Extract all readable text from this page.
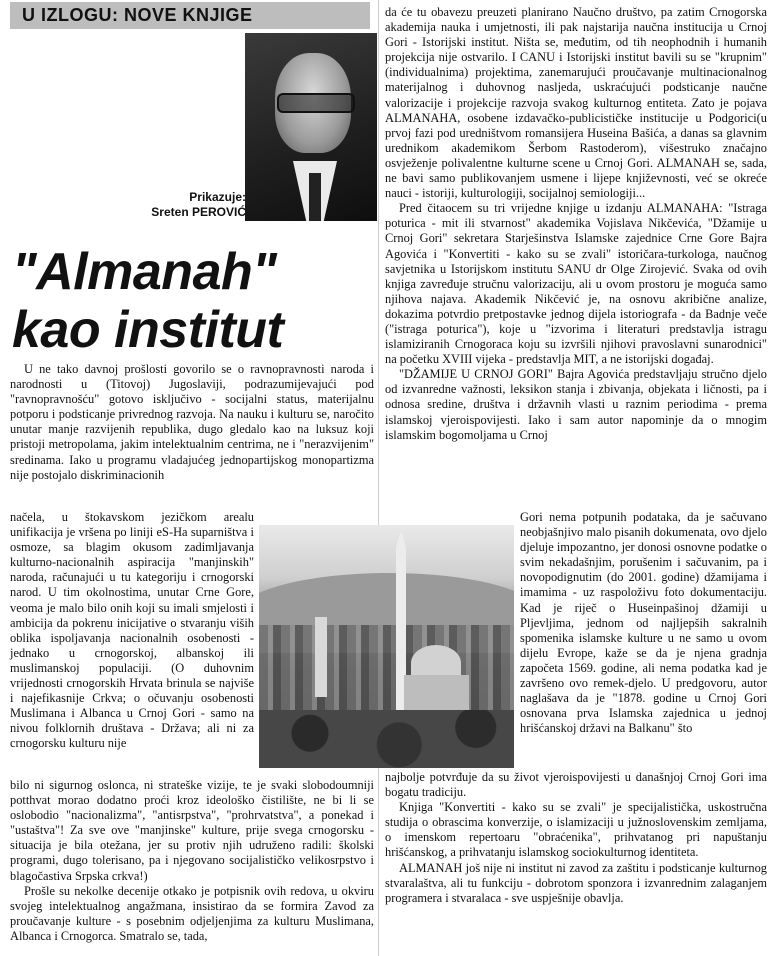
U IZLOGU: NOVE KNJIGE
Prikazuje:
Sreten PEROVIĆ
"Almanah"
kao institut

U ne tako davnoj prošlosti govorilo se o ravnopravnosti naroda i narodnosti u (Titovoj) Jugoslaviji, podrazumijevajući pod "ravnopravnošću" gotovo isključivo - socijalni status, materijalnu potporu i podsticanje privrednog razvoja. Na nauku i kulturu se, naročito unutar manje razvijenih republika, dugo gledalo kao na luksuz koji pristoji metropolama, jakim intelektualnim centrima, ne i "nerazvijenim" sredinama. Iako u programu vladajućeg jednopartijskog monopartizma nije postojalo diskriminacionih

načela, u štokavskom jezičkom arealu unifikacija je vršena po liniji eS-Ha suparništva i osmoze, sa blagim okusom zadimljavanja kulturno-nacionalnih aspiracija "manjinskih" naroda, računajući u tu kategoriju i crnogorski narod. U tim okolnostima, unutar Crne Gore, veoma je malo bilo onih koji su imali smjelosti i ambicija da pokrenu inicijative o stvaranju viših oblika ispoljavanja nacionalnih osobenosti - jednako u crnogorskoj, albanskoj ili muslimanskoj populaciji. (O duhovnim vrijednosti crnogorskih Hrvata brinula se najviše i najefikasnije Crkva; o očuvanju osobenosti Muslimana i Albanca u Crnoj Gori - samo na nivou folklornih društava - Država; ali ni za crnogorsku kulturu nije

bilo ni sigurnog oslonca, ni strateške vizije, te je svaki slobodoumniji potthvat morao dodatno proći kroz ideološko čistilište, ne bi li se oslobodio "nacionalizma", "antisrpstva", "prohrvatstva", a ponekad i "ustaštva"! Za sve ove "manjinske" kulture, prije svega crnogorsku - situacija je bila otežana, jer su protiv njih udruženo radili: školski programi, dugo tolerisano, pa i njegovano socijalističko velikosrpstvo i blagočastiva Srpska crkva!)

Prošle su nekolke decenije otkako je potpisnik ovih redova, u okviru svojeg intelektualnog angažmana, insistirao da se formira Zavod za proučavanje kulture - s posebnim odjeljenjima za kulturu Muslimana, Albanca i Crnogorca. Smatralo se, tada,

da će tu obavezu preuzeti planirano Naučno društvo, pa zatim Crnogorska akademija nauka i umjetnosti, ili pak najstarija naučna institucija u Crnoj Gori - Istorijski institut. Ništa se, međutim, od tih neophodnih i humanih projekcija nije ostvarilo. I CANU i Istorijski institut bavili su se "krupnim" (individualnima) projektima, zanemarujući proučavanje multinacionalnog materijalnog i duhovnog nasljeda, uskraćujući podsticanje naučne valorizacije i projekcije razvoja svakog kulturnog entiteta. Zato je pojava ALMANAHA, osobene izdavačko-publicističke institucije u Podgorici(u prvoj fazi pod uredništvom romansijera Huseina Bašića, a danas sa glavnim urednikom akademikom Šerbom Rastoderom), višestruko značajno osvježenje polivalentne kulturne scene u Crnoj Gori. ALMANAH se, sada, ne bavi samo publikovanjem usmene i lijepe književnosti, već se okreće nauci - istoriji, kulturologiji, socijalnoj semiologiji...

Pred čitaocem su tri vrijedne knjige u izdanju ALMANAHA: "Istraga poturica - mit ili stvarnost" akademika Vojislava Nikčevića, "Džamije u Crnoj Gori" sekretara Starješinstva Islamske zajednice Crne Gore Bajra Agovića i "Konvertiti - kako su se zvali" istoričara-turkologa, naučnog savjetnika u Istorijskom institutu SANU dr Olge Zirojević. Svaka od ovih knjiga zavređuje stručnu valorizaciju, ali u ovom prostoru je moguća samo njihova najava. Akademik Nikčević je, na osnovu akribične analize, dokazima potvrdio pretpostavke jednog dijela istoriografa - da Badnje veče ("istraga poturica"), koje u "izvorima i literaturi predstavlja istragu islamiziranih Crnogoraca koju su izvršili njihovi pravoslavni sunarodnici" na početku XVIII vijeka - predstavlja MIT, a ne istorijski događaj.

"DŽAMIJE U CRNOJ GORI" Bajra Agovića predstavljaju stručno djelo od izvanredne važnosti, leksikon stanja i zbivanja, objekata i ličnosti, pa i odnosa sredine, društva i državnih vlasti u raznim periodima - prema islamskoj vjeroispovijesti. Iako i sam autor napominje da o mnogim islamskim bogomoljama u Crnoj

Gori nema potpunih podataka, da je sačuvano neobjašnjivo malo pisanih dokumenata, ovo djelo djeluje impozantno, jer donosi osnovne podatke o svim nekadašnjim, porušenim i sačuvanim, pa i novopodignutim (do 2001. godine) džamijama i imamima - uz raspoloživu foto dokumentaciju. Kad je riječ o Huseinpašinoj džamiji u Pljevljima, jednom od najljepših sakralnih spomenika islamske kulture u ne samo u ovom dijelu Evrope, kaže se da je njena gradnja započeta 1569. godine, ali nema podatka kad je završeno ovo remek-djelo. U predgovoru, autor naglašava da je "1878. godine u Crnoj Gori osnovana prva Islamska zajednica u jednoj hrišćanskoj državi na Balkanu" što

najbolje potvrđuje da su život vjeroispovijesti u današnjoj Crnoj Gori ima bogatu tradiciju.

Knjiga "Konvertiti - kako su se zvali" je specijalistička, uskostručna studija o obrascima konverzije, o islamizaciji u južnoslovenskim zemljama, o imenskom repertoaru "obraćenika", prihvatanog pri napuštanju hrišćanskog, a prihvatanju islamskog sociokulturnog identiteta.

ALMANAH još nije ni institut ni zavod za zaštitu i podsticanje kulturnog stvaralaštva, ali tu funkciju - dobrotom sponzora i izvanrednim zalaganjem programera i stvaralaca - sve uspješnije obavlja.
